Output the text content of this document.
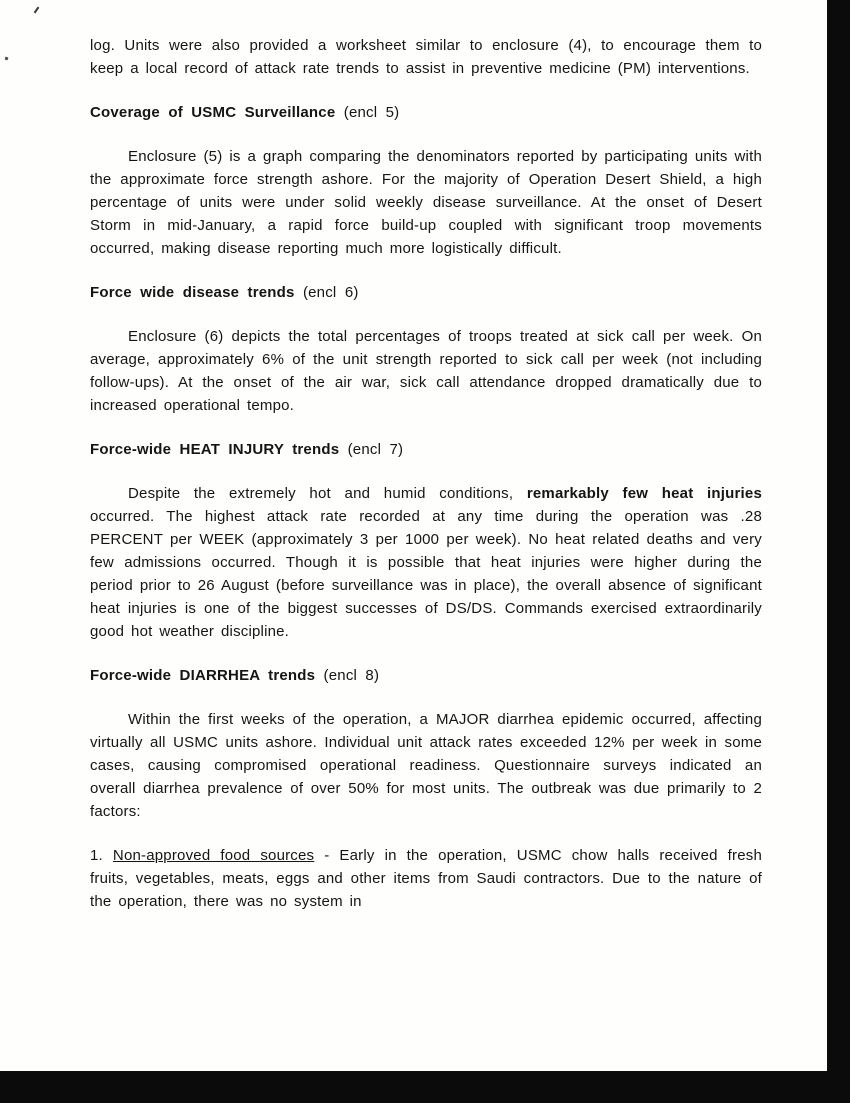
log. Units were also provided a worksheet similar to enclosure (4), to encourage them to keep a local record of attack rate trends to assist in preventive medicine (PM) interventions.

Coverage of USMC Surveillance (encl 5)

Enclosure (5) is a graph comparing the denominators reported by participating units with the approximate force strength ashore. For the majority of Operation Desert Shield, a high percentage of units were under solid weekly disease surveillance. At the onset of Desert Storm in mid-January, a rapid force build-up coupled with significant troop movements occurred, making disease reporting much more logistically difficult.

Force wide disease trends (encl 6)

Enclosure (6) depicts the total percentages of troops treated at sick call per week. On average, approximately 6% of the unit strength reported to sick call per week (not including follow-ups). At the onset of the air war, sick call attendance dropped dramatically due to increased operational tempo.

Force-wide HEAT INJURY trends (encl 7)

Despite the extremely hot and humid conditions, remarkably few heat injuries occurred. The highest attack rate recorded at any time during the operation was .28 PERCENT per WEEK (approximately 3 per 1000 per week). No heat related deaths and very few admissions occurred. Though it is possible that heat injuries were higher during the period prior to 26 August (before surveillance was in place), the overall absence of significant heat injuries is one of the biggest successes of DS/DS. Commands exercised extraordinarily good hot weather discipline.

Force-wide DIARRHEA trends (encl 8)

Within the first weeks of the operation, a MAJOR diarrhea epidemic occurred, affecting virtually all USMC units ashore. Individual unit attack rates exceeded 12% per week in some cases, causing compromised operational readiness. Questionnaire surveys indicated an overall diarrhea prevalence of over 50% for most units. The outbreak was due primarily to 2 factors:

1. Non-approved food sources - Early in the operation, USMC chow halls received fresh fruits, vegetables, meats, eggs and other items from Saudi contractors. Due to the nature of the operation, there was no system in
